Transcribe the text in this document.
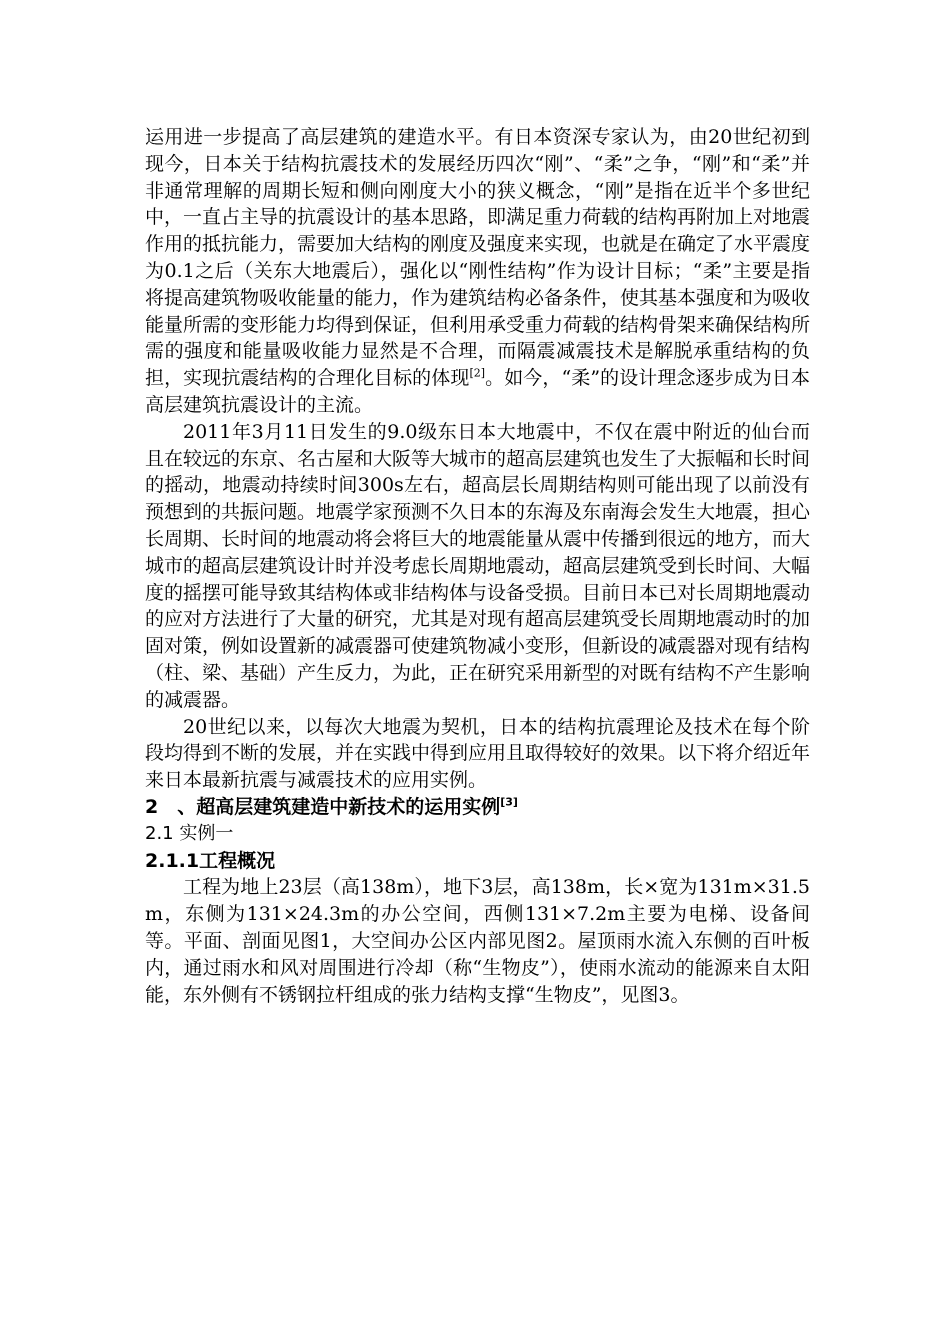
运用进一步提高了高层建筑的建造水平。有日本资深专家认为，由20世纪初到现今，日本关于结构抗震技术的发展经历四次“刚”、“柔”之争，“刚”和“柔”并非通常理解的周期长短和侧向刚度大小的狭义概念，“刚”是指在近半个多世纪中，一直占主导的抗震设计的基本思路，即满足重力荷载的结构再附加上对地震作用的抵抗能力，需要加大结构的刚度及强度来实现，也就是在确定了水平震度为0.1之后（关东大地震后），强化以“刚性结构”作为设计目标；“柔”主要是指将提高建筑物吸收能量的能力，作为建筑结构必备条件，使其基本强度和为吸收能量所需的变形能力均得到保证，但利用承受重力荷载的结构骨架来确保结构所需的强度和能量吸收能力显然是不合理，而隔震减震技术是解脱承重结构的负担，实现抗震结构的合理化目标的体现[2]。如今，“柔”的设计理念逐步成为日本高层建筑抗震设计的主流。

2011年3月11日发生的9.0级东日本大地震中，不仅在震中附近的仙台而且在较远的东京、名古屋和大阪等大城市的超高层建筑也发生了大振幅和长时间的摇动，地震动持续时间300s左右，超高层长周期结构则可能出现了以前没有预想到的共振问题。地震学家预测不久日本的东海及东南海会发生大地震，担心长周期、长时间的地震动将会将巨大的地震能量从震中传播到很远的地方，而大城市的超高层建筑设计时并没考虑长周期地震动，超高层建筑受到长时间、大幅度的摇摆可能导致其结构体或非结构体与设备受损。目前日本已对长周期地震动的应对方法进行了大量的研究，尤其是对现有超高层建筑受长周期地震动时的加固对策，例如设置新的减震器可使建筑物减小变形，但新设的减震器对现有结构（柱、梁、基础）产生反力，为此，正在研究采用新型的对既有结构不产生影响的减震器。

20世纪以来，以每次大地震为契机，日本的结构抗震理论及技术在每个阶段均得到不断的发展，并在实践中得到应用且取得较好的效果。以下将介绍近年来日本最新抗震与减震技术的应用实例。

2　、超高层建筑建造中新技术的运用实例[3]

2.1 实例一

2.1.1工程概况

工程为地上23层（高138m），地下3层，高138m，长×宽为131m×31.5m，东侧为131×24.3m的办公空间，西侧131×7.2m主要为电梯、设备间等。平面、剖面见图1，大空间办公区内部见图2。屋顶雨水流入东侧的百叶板内，通过雨水和风对周围进行冷却（称“生物皮”），使雨水流动的能源来自太阳能，东外侧有不锈钢拉杆组成的张力结构支撑“生物皮”，见图3。
